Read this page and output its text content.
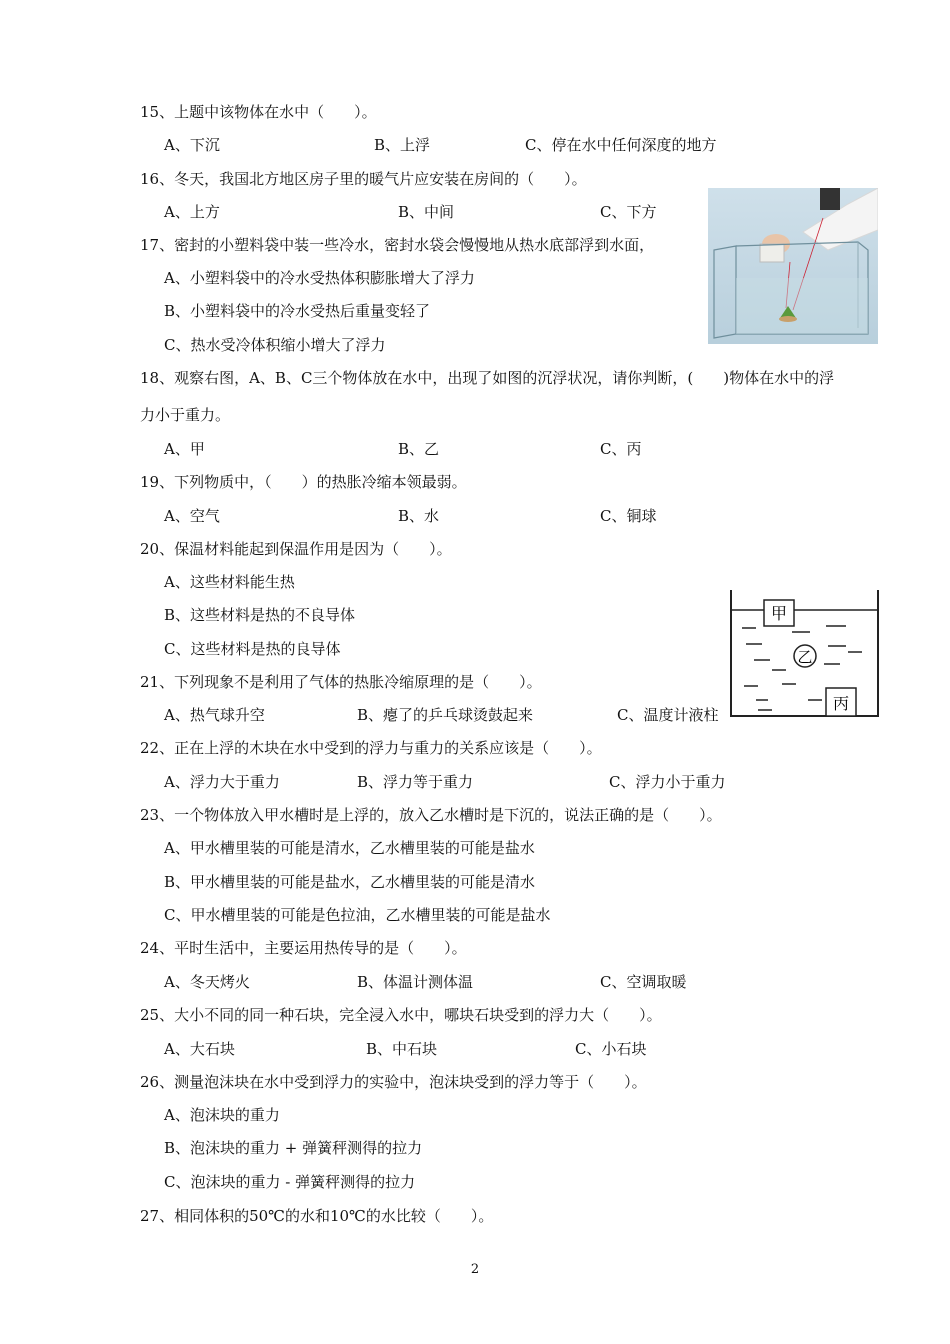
15、上题中该物体在水中（　　）。
A、下沉	B、上浮	C、停在水中任何深度的地方
16、冬天，我国北方地区房子里的暖气片应安装在房间的（　　）。
A、上方	B、中间	C、下方
17、密封的小塑料袋中装一些冷水，密封水袋会慢慢地从热水底部浮到水面，
A、小塑料袋中的冷水受热体积膨胀增大了浮力
B、小塑料袋中的冷水受热后重量变轻了
C、热水受冷体积缩小增大了浮力
18、观察右图，A、B、C三个物体放在水中，出现了如图的沉浮状况，请你判断，(　　)物体在水中的浮
力小于重力。
A、甲	B、乙	C、丙
19、下列物质中，（　　）的热胀冷缩本领最弱。
A、空气	B、水	C、铜球
20、保温材料能起到保温作用是因为（　　）。
A、这些材料能生热
B、这些材料是热的不良导体
C、这些材料是热的良导体
甲
乙
丙
21、下列现象不是利用了气体的热胀冷缩原理的是（　　）。
A、热气球升空	B、瘪了的乒乓球烫鼓起来	C、温度计液柱
22、正在上浮的木块在水中受到的浮力与重力的关系应该是（　　）。
A、浮力大于重力	B、浮力等于重力	C、浮力小于重力
23、一个物体放入甲水槽时是上浮的，放入乙水槽时是下沉的，说法正确的是（　　）。
A、甲水槽里装的可能是清水，乙水槽里装的可能是盐水
B、甲水槽里装的可能是盐水，乙水槽里装的可能是清水
C、甲水槽里装的可能是色拉油，乙水槽里装的可能是盐水
24、平时生活中，主要运用热传导的是（　　）。
A、冬天烤火	B、体温计测体温	C、空调取暖
25、大小不同的同一种石块，完全浸入水中，哪块石块受到的浮力大（　　）。
A、大石块	B、中石块	C、小石块
26、测量泡沫块在水中受到浮力的实验中，泡沫块受到的浮力等于（　　）。
A、泡沫块的重力
B、泡沫块的重力 + 弹簧秤测得的拉力
C、泡沫块的重力 - 弹簧秤测得的拉力
27、相同体积的50℃的水和10℃的水比较（　　）。
2
